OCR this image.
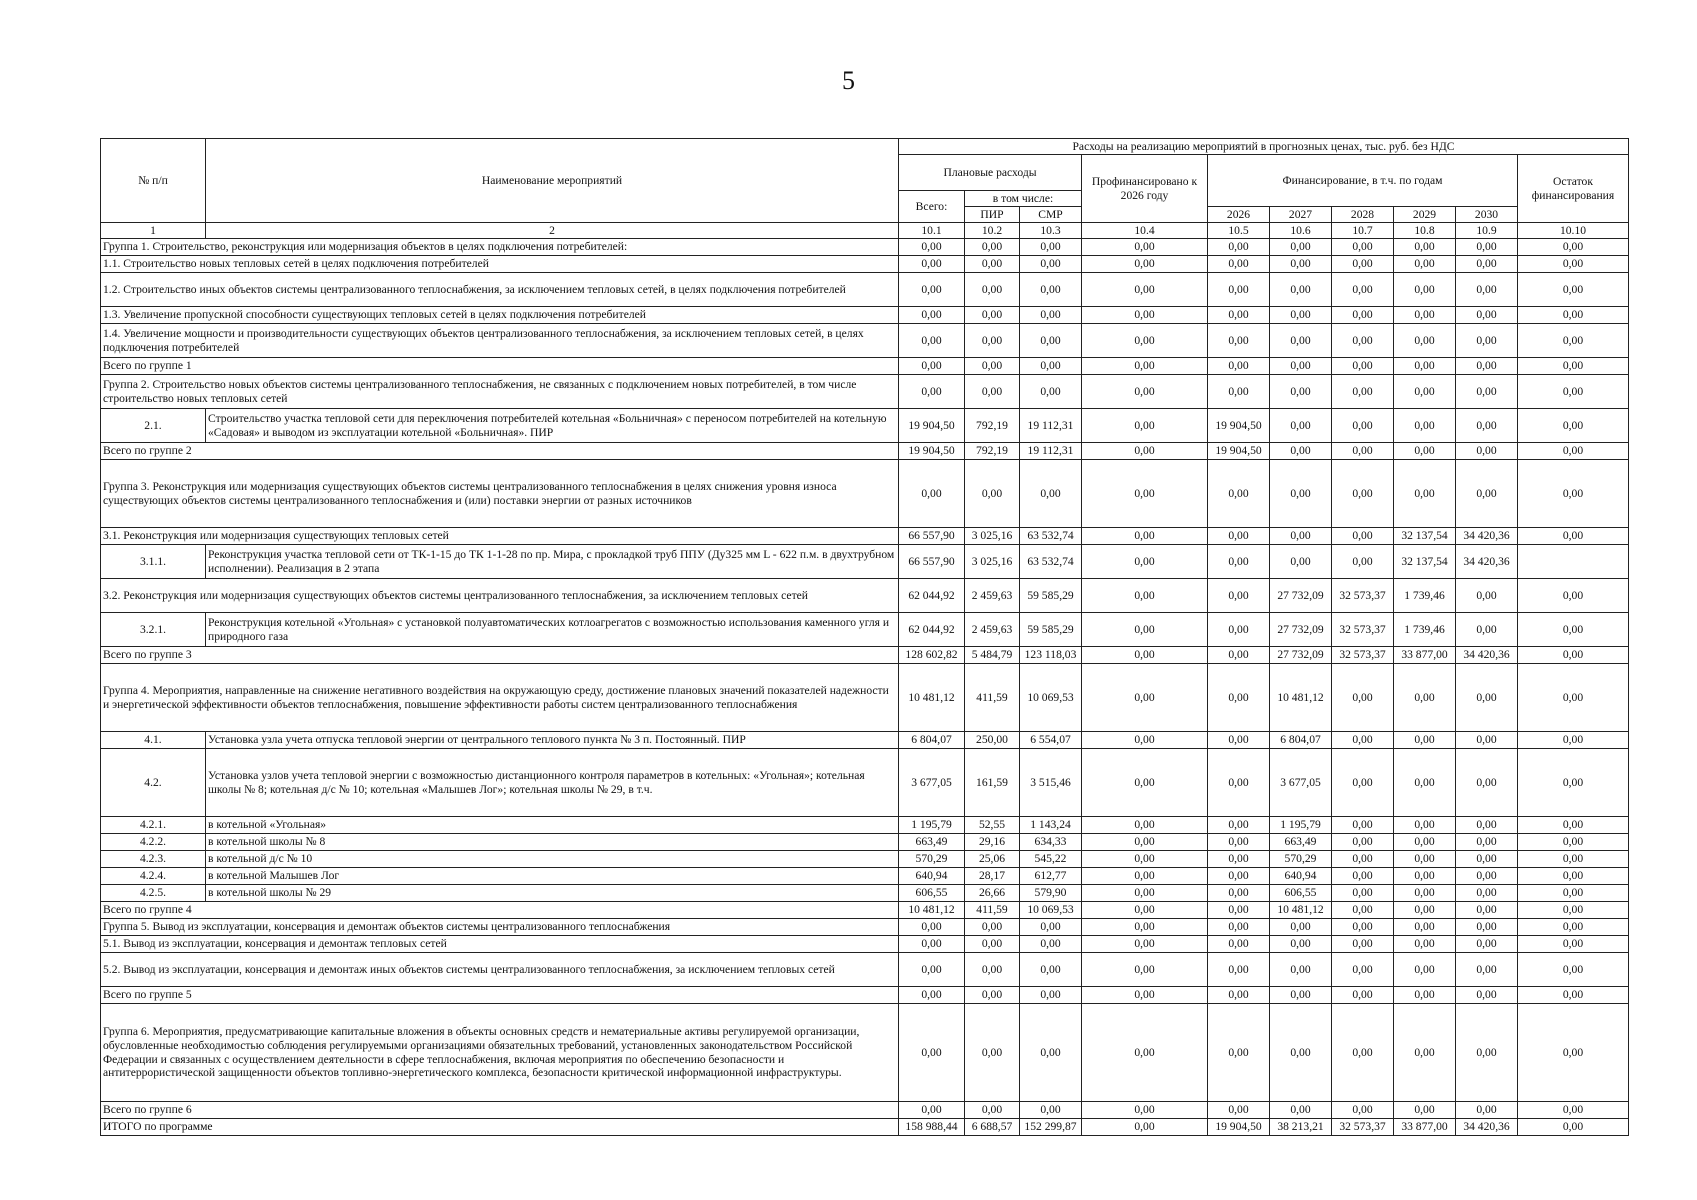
5
№ п/п	Наименование мероприятий	Расходы на реализацию мероприятий в прогнозных ценах, тыс. руб. без НДС									
		Плановые расходы			Профинансировано к 2026 году	Финансирование, в т.ч. по годам					Остаток финансирования
		Всего:	в том числе:								
			ПИР	СМР		2026	2027	2028	2029	2030	
1	2	10.1	10.2	10.3	10.4	10.5	10.6	10.7	10.8	10.9	10.10
Группа 1. Строительство, реконструкция или модернизация объектов в целях подключения потребителей:		0,00	0,00	0,00	0,00	0,00	0,00	0,00	0,00	0,00	0,00
1.1. Строительство новых тепловых сетей в целях подключения потребителей		0,00	0,00	0,00	0,00	0,00	0,00	0,00	0,00	0,00	0,00
1.2. Строительство иных объектов системы централизованного теплоснабжения, за исключением тепловых сетей, в целях подключения потребителей		0,00	0,00	0,00	0,00	0,00	0,00	0,00	0,00	0,00	0,00
1.3. Увеличение пропускной способности существующих тепловых сетей в целях подключения потребителей		0,00	0,00	0,00	0,00	0,00	0,00	0,00	0,00	0,00	0,00
1.4. Увеличение мощности и производительности существующих объектов централизованного теплоснабжения, за исключением тепловых сетей, в целях подключения потребителей		0,00	0,00	0,00	0,00	0,00	0,00	0,00	0,00	0,00	0,00
Всего по группе 1		0,00	0,00	0,00	0,00	0,00	0,00	0,00	0,00	0,00	0,00
Группа 2. Строительство новых объектов системы централизованного теплоснабжения, не связанных с подключением новых потребителей, в том числе строительство новых тепловых сетей		0,00	0,00	0,00	0,00	0,00	0,00	0,00	0,00	0,00	0,00
2.1.	Строительство участка тепловой сети для переключения потребителей котельная «Больничная» с переносом потребителей на котельную «Садовая» и выводом из эксплуатации котельной «Больничная». ПИР	19 904,50	792,19	19 112,31	0,00	19 904,50	0,00	0,00	0,00	0,00	0,00
Всего по группе 2		19 904,50	792,19	19 112,31	0,00	19 904,50	0,00	0,00	0,00	0,00	0,00
Группа 3. Реконструкция или модернизация существующих объектов системы централизованного теплоснабжения в целях снижения уровня износа существующих объектов системы централизованного теплоснабжения и (или) поставки энергии от разных источников		0,00	0,00	0,00	0,00	0,00	0,00	0,00	0,00	0,00	0,00
3.1. Реконструкция или модернизация существующих тепловых сетей		66 557,90	3 025,16	63 532,74	0,00	0,00	0,00	0,00	32 137,54	34 420,36	0,00
3.1.1.	Реконструкция участка тепловой сети от ТК-1-15 до ТК 1-1-28 по пр. Мира, с прокладкой труб ППУ (Ду325 мм L - 622 п.м. в двухтрубном исполнении). Реализация в 2 этапа	66 557,90	3 025,16	63 532,74	0,00	0,00	0,00	0,00	32 137,54	34 420,36	
3.2. Реконструкция или модернизация существующих объектов системы централизованного теплоснабжения, за исключением тепловых сетей		62 044,92	2 459,63	59 585,29	0,00	0,00	27 732,09	32 573,37	1 739,46	0,00	0,00
3.2.1.	Реконструкция котельной «Угольная» с установкой полуавтоматических котлоагрегатов с возможностью использования каменного угля и природного газа	62 044,92	2 459,63	59 585,29	0,00	0,00	27 732,09	32 573,37	1 739,46	0,00	0,00
Всего по группе 3		128 602,82	5 484,79	123 118,03	0,00	0,00	27 732,09	32 573,37	33 877,00	34 420,36	0,00
Группа 4. Мероприятия, направленные на снижение негативного воздействия на окружающую среду, достижение плановых значений показателей надежности и энергетической эффективности объектов теплоснабжения, повышение эффективности работы систем централизованного теплоснабжения		10 481,12	411,59	10 069,53	0,00	0,00	10 481,12	0,00	0,00	0,00	0,00
4.1.	Установка узла учета отпуска тепловой энергии от центрального теплового пункта № 3 п. Постоянный. ПИР	6 804,07	250,00	6 554,07	0,00	0,00	6 804,07	0,00	0,00	0,00	0,00
4.2.	Установка узлов учета тепловой энергии с возможностью дистанционного контроля параметров в котельных: «Угольная»; котельная школы № 8; котельная д/с № 10; котельная «Малышев Лог»; котельная школы № 29, в т.ч.	3 677,05	161,59	3 515,46	0,00	0,00	3 677,05	0,00	0,00	0,00	0,00
4.2.1.	в котельной «Угольная»	1 195,79	52,55	1 143,24	0,00	0,00	1 195,79	0,00	0,00	0,00	0,00
4.2.2.	в котельной школы № 8	663,49	29,16	634,33	0,00	0,00	663,49	0,00	0,00	0,00	0,00
4.2.3.	в котельной д/с № 10	570,29	25,06	545,22	0,00	0,00	570,29	0,00	0,00	0,00	0,00
4.2.4.	в котельной Малышев Лог	640,94	28,17	612,77	0,00	0,00	640,94	0,00	0,00	0,00	0,00
4.2.5.	в котельной школы № 29	606,55	26,66	579,90	0,00	0,00	606,55	0,00	0,00	0,00	0,00
Всего по группе 4		10 481,12	411,59	10 069,53	0,00	0,00	10 481,12	0,00	0,00	0,00	0,00
Группа 5. Вывод из эксплуатации, консервация и демонтаж объектов системы централизованного теплоснабжения		0,00	0,00	0,00	0,00	0,00	0,00	0,00	0,00	0,00	0,00
5.1. Вывод из эксплуатации, консервация и демонтаж тепловых сетей		0,00	0,00	0,00	0,00	0,00	0,00	0,00	0,00	0,00	0,00
5.2. Вывод из эксплуатации, консервация и демонтаж иных объектов системы централизованного теплоснабжения, за исключением тепловых сетей		0,00	0,00	0,00	0,00	0,00	0,00	0,00	0,00	0,00	0,00
Всего по группе 5		0,00	0,00	0,00	0,00	0,00	0,00	0,00	0,00	0,00	0,00
Группа 6. Мероприятия, предусматривающие капитальные вложения в объекты основных средств и нематериальные активы регулируемой организации, обусловленные необходимостью соблюдения регулируемыми организациями обязательных требований, установленных законодательством Российской Федерации и связанных с осуществлением деятельности в сфере теплоснабжения, включая мероприятия по обеспечению безопасности и антитеррористической защищенности объектов топливно-энергетического комплекса, безопасности критической информационной инфраструктуры.		0,00	0,00	0,00	0,00	0,00	0,00	0,00	0,00	0,00	0,00
Всего по группе 6		0,00	0,00	0,00	0,00	0,00	0,00	0,00	0,00	0,00	0,00
ИТОГО по программе		158 988,44	6 688,57	152 299,87	0,00	19 904,50	38 213,21	32 573,37	33 877,00	34 420,36	0,00
